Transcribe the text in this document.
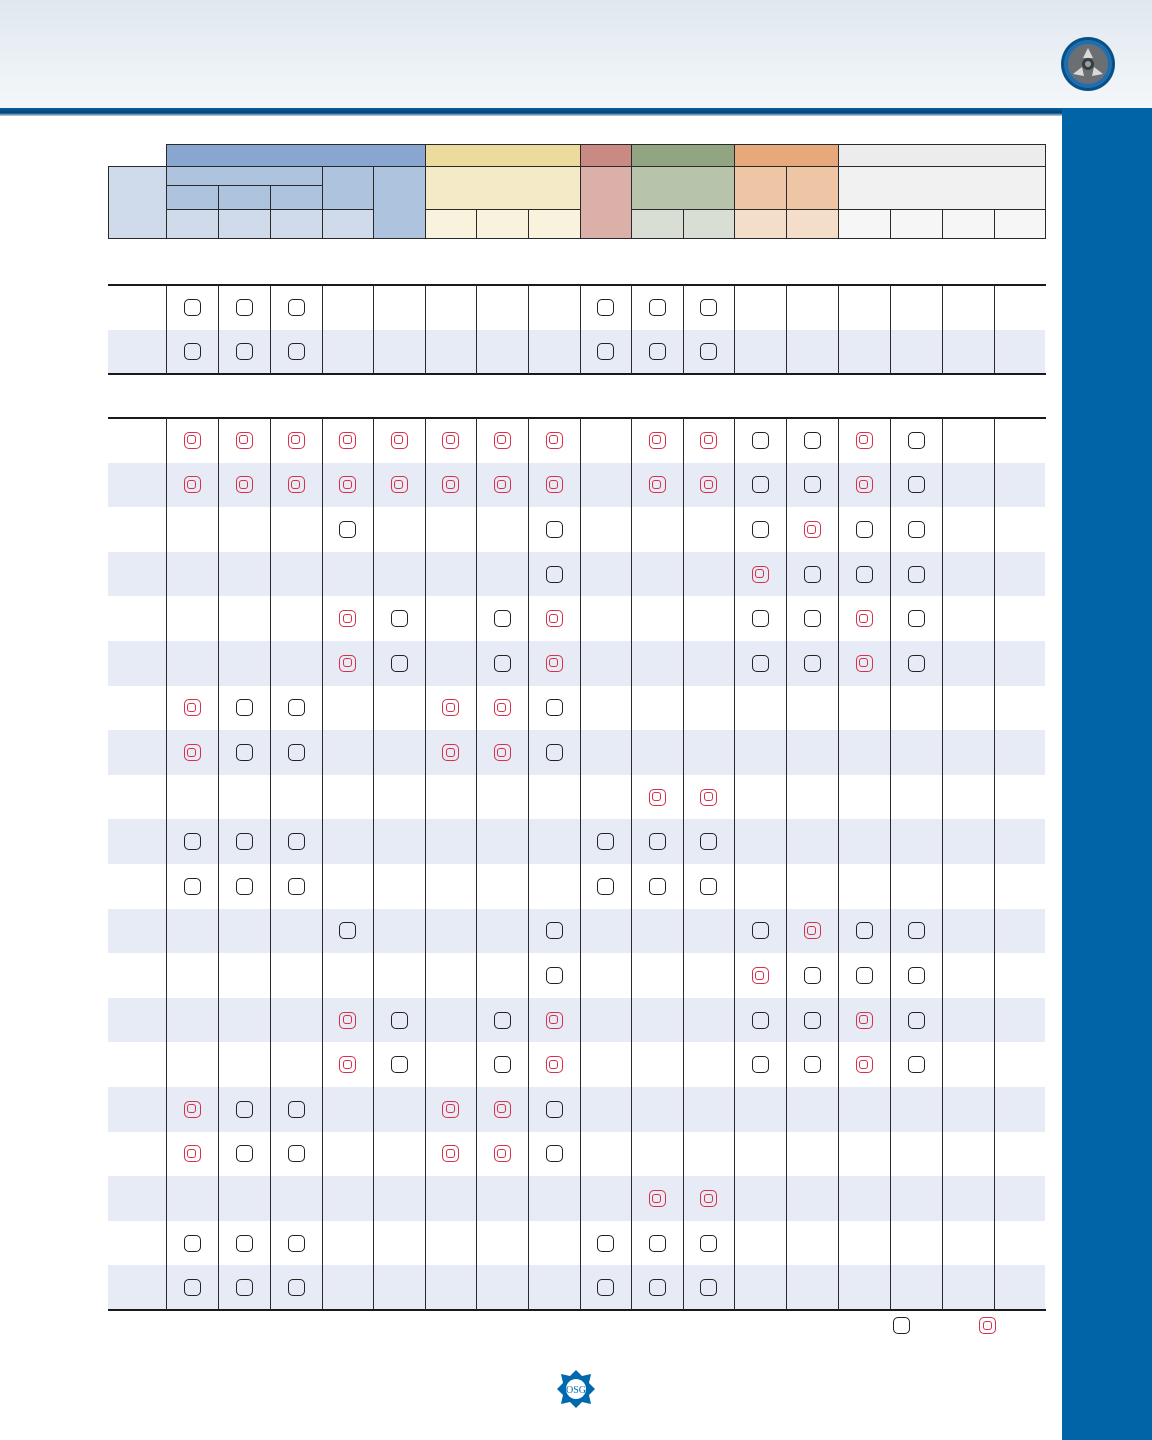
OSG
